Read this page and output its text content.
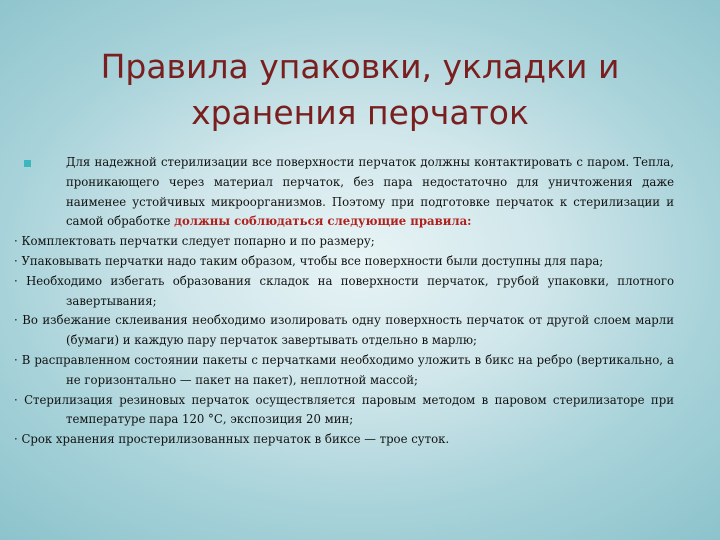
Правила упаковки, укладки и
хранения перчаток

Для надежной стерилизации все поверхности перчаток должны контактировать с паром. Тепла, проникающего через материал перчаток, без пара недостаточно для уничтожения даже наименее устойчивых микроорганизмов. Поэтому при подготовке перчаток к стерилизации и самой обработке должны соблюдаться следующие правила:

· Комплектовать перчатки следует попарно и по размеру;

· Упаковывать перчатки надо таким образом, чтобы все поверхности были доступны для пара;

· Необходимо избегать образования складок на поверхности перчаток, грубой упаковки, плотного завертывания;

· Во избежание склеивания необходимо изолировать одну поверхность перчаток от другой слоем марли (бумаги) и каждую пару перчаток завертывать отдельно в марлю;

· В расправленном состоянии пакеты с перчатками необходимо уложить в бикс на ребро (вертикально, а не горизонтально — пакет на пакет), неплотной массой;

· Стерилизация резиновых перчаток осуществляется паровым методом в паровом стерилизаторе при температуре пара 120 °С, экспозиция 20 мин;

· Срок хранения простерилизованных перчаток в биксе — трое суток.
